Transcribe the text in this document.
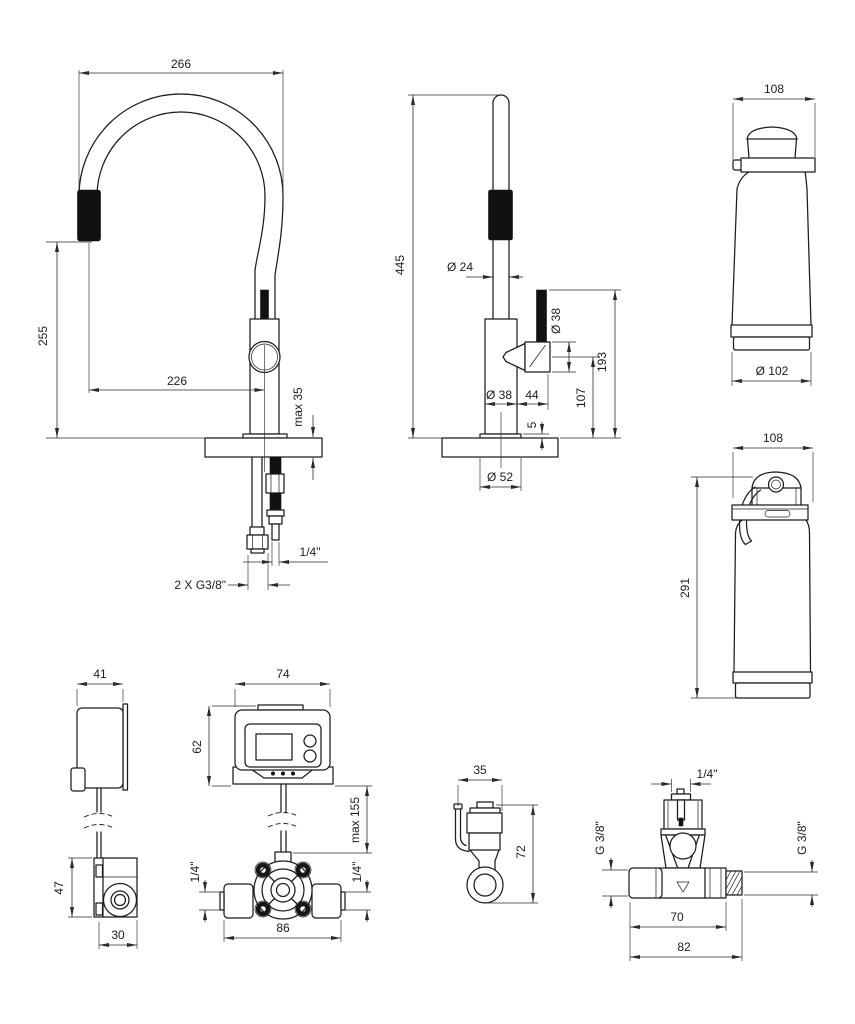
266
255
226
max 35
1/4"
2 X G3/8"
445	Ø 24
Ø 38
193
107
Ø 38 44
5
Ø 52
108
Ø 102
108
291
41
47
30
74
62
max 155
1/4"	1/4"
86
35
72
1/4"
G 3/8"	G 3/8"
70
82
